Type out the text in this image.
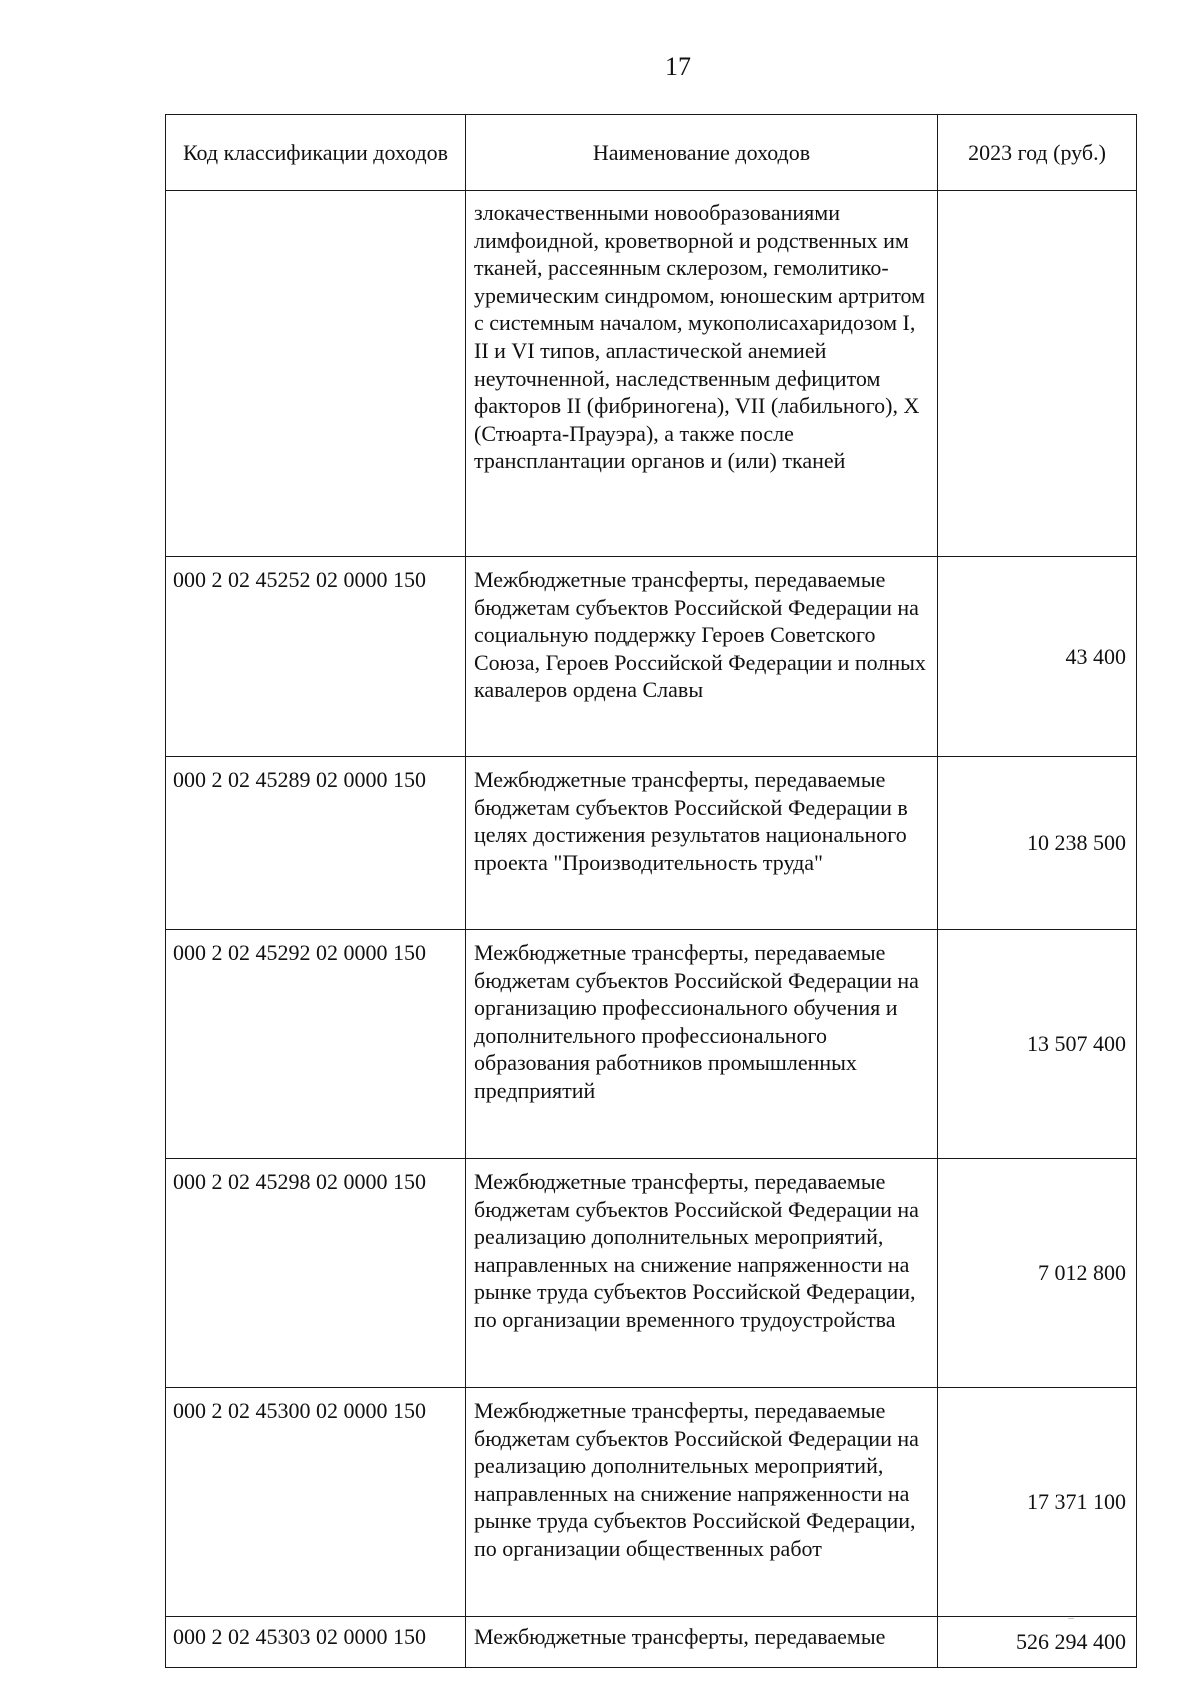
17
Код классификации доходов	Наименование доходов	2023 год (руб.)
	злокачественными новообразованиями лимфоидной, кроветворной и родственных им тканей, рассеянным склерозом, гемолитико-уремическим синдромом, юношеским артритом с системным началом, мукополисахаридозом I, II и VI типов, апластической анемией неуточненной, наследственным дефицитом факторов II (фибриногена), VII (лабильного), X (Стюарта-Прауэра), а также после трансплантации органов и (или) тканей	
000 2 02 45252 02 0000 150	Межбюджетные трансферты, передаваемые бюджетам субъектов Российской Федерации на социальную поддержку Героев Советского Союза, Героев Российской Федерации и полных кавалеров ордена Славы	43 400
000 2 02 45289 02 0000 150	Межбюджетные трансферты, передаваемые бюджетам субъектов Российской Федерации в целях достижения результатов национального проекта "Производительность труда"	10 238 500
000 2 02 45292 02 0000 150	Межбюджетные трансферты, передаваемые бюджетам субъектов Российской Федерации на организацию профессионального обучения и дополнительного профессионального образования работников промышленных предприятий	13 507 400
000 2 02 45298 02 0000 150	Межбюджетные трансферты, передаваемые бюджетам субъектов Российской Федерации на реализацию дополнительных мероприятий, направленных на снижение напряженности на рынке труда субъектов Российской Федерации, по организации временного трудоустройства	7 012 800
000 2 02 45300 02 0000 150	Межбюджетные трансферты, передаваемые бюджетам субъектов Российской Федерации на реализацию дополнительных мероприятий, направленных на снижение напряженности на рынке труда субъектов Российской Федерации, по организации общественных работ	17 371 100
000 2 02 45303 02 0000 150	Межбюджетные трансферты, передаваемые	526 294 400
